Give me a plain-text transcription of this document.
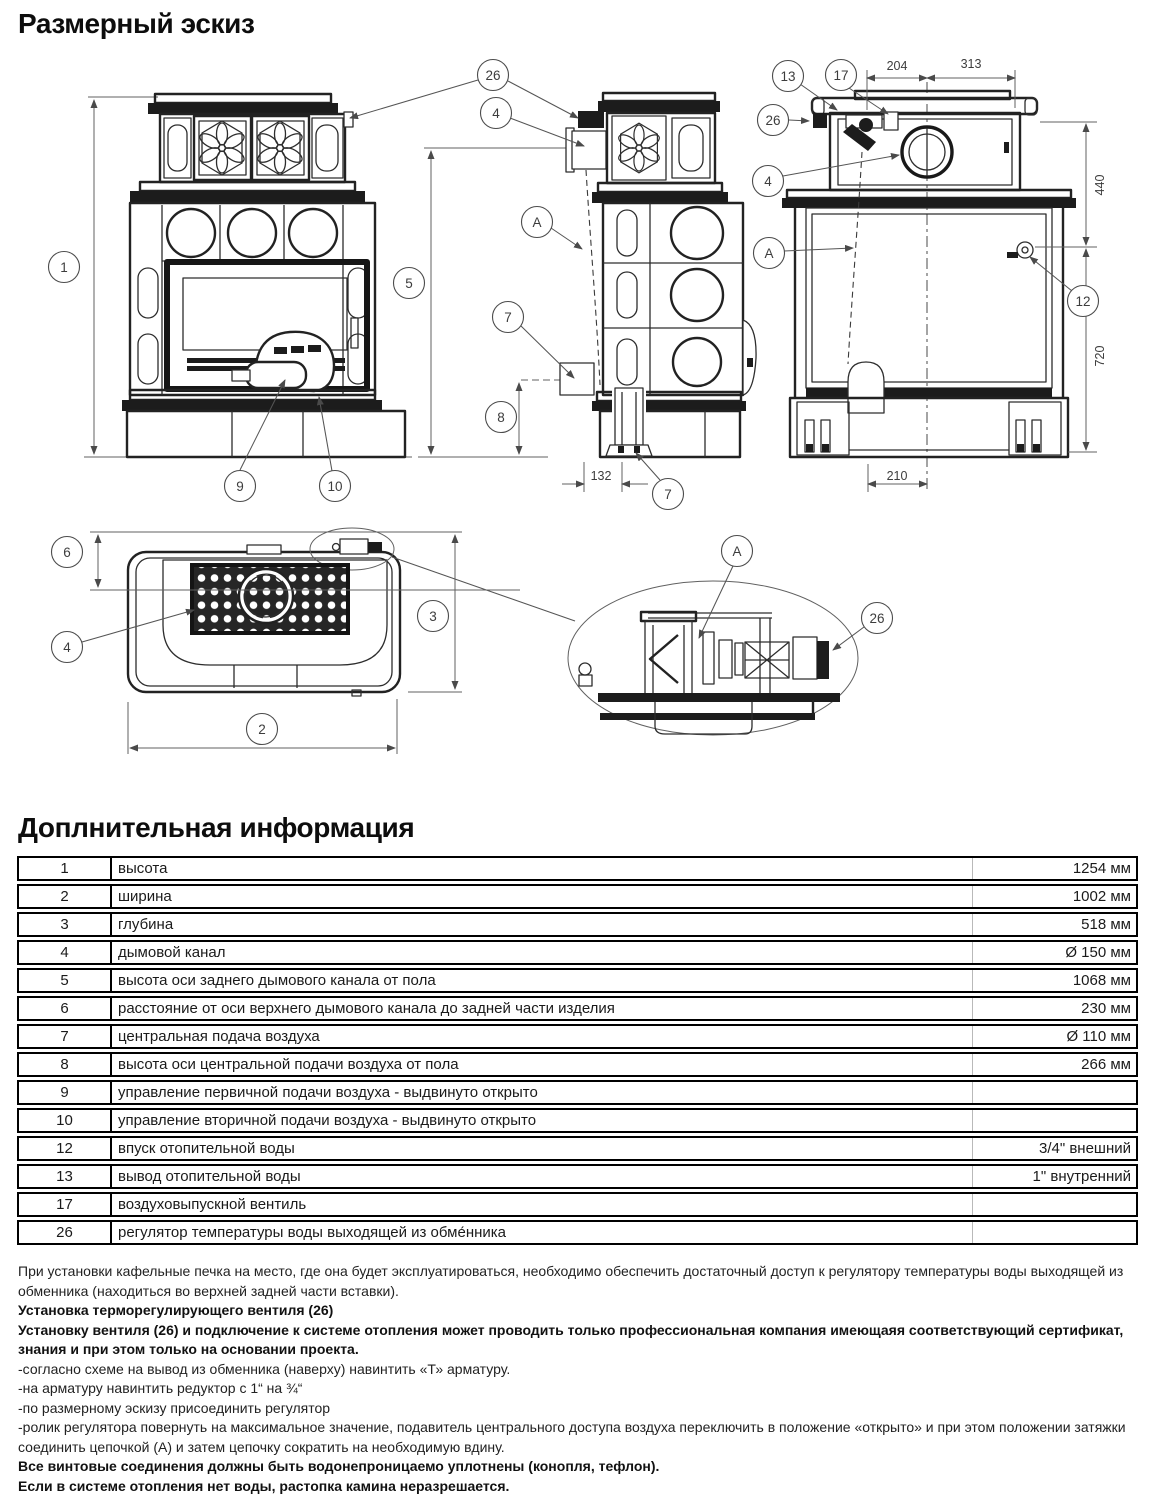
Размерный эскиз
132
204	313
440
720
210
1
26
4
9	10
5
A
7
8
7
13	17
26
4
A
12
6
4
3
2
A
26
Доплнительная информация
1	высота	1254 мм
2	ширина	1002 мм
3	глубина	518 мм
4	дымовой канал	Ø 150 мм
5	высота оси заднего дымового канала от пола	1068 мм
6	расстояние от оси верхнего дымового канала до задней части изделия	230 мм
7	центральная подача воздуха	Ø 110 мм
8	высота оси центральной подачи воздуха от пола	266 мм
9	управление первичной подачи воздуха - выдвинуто открыто
10	управление вторичной подачи воздуха - выдвинуто открыто
12	впуск отопительной воды	3/4" внешний
13	вывод отопительной воды	1" внутренний
17	воздуховыпускной вентиль
26	регулятор температуры воды выходящей из обме́нника

При установки кафельные печка на место, где она будет эксплуатироваться, необходимо обеспечить достаточный доступ к регулятору температуры воды выходящей из обменника (находиться во верхней задней части вставки).

Установка терморегулирующего вентиля (26)

Установку вентиля (26) и подключение к системе отопления может проводить только профессиональная компания имеющаяя соответствующий сертификат, знания и при этом только на основании проекта.

-согласно схеме на вывод из обменника (наверху) навинтить «Т» арматуру.

-на арматуру навинтить редуктор с 1“ на ¾“

-по размерному эскизу присоединить регулятор

-ролик регулятора повернуть на максимальное значение, подавитель центрального доступа воздуха переключить в положение «открыто» и при этом положении затяжки соединить цепочкой (А) и затем цепочку сократить на необходимую вдину.

Все винтовые соединения должны быть водонепроницаемо уплотнены (конопля, тефлон).

Если в системе отопления нет воды, растопка камина неразрешается.
